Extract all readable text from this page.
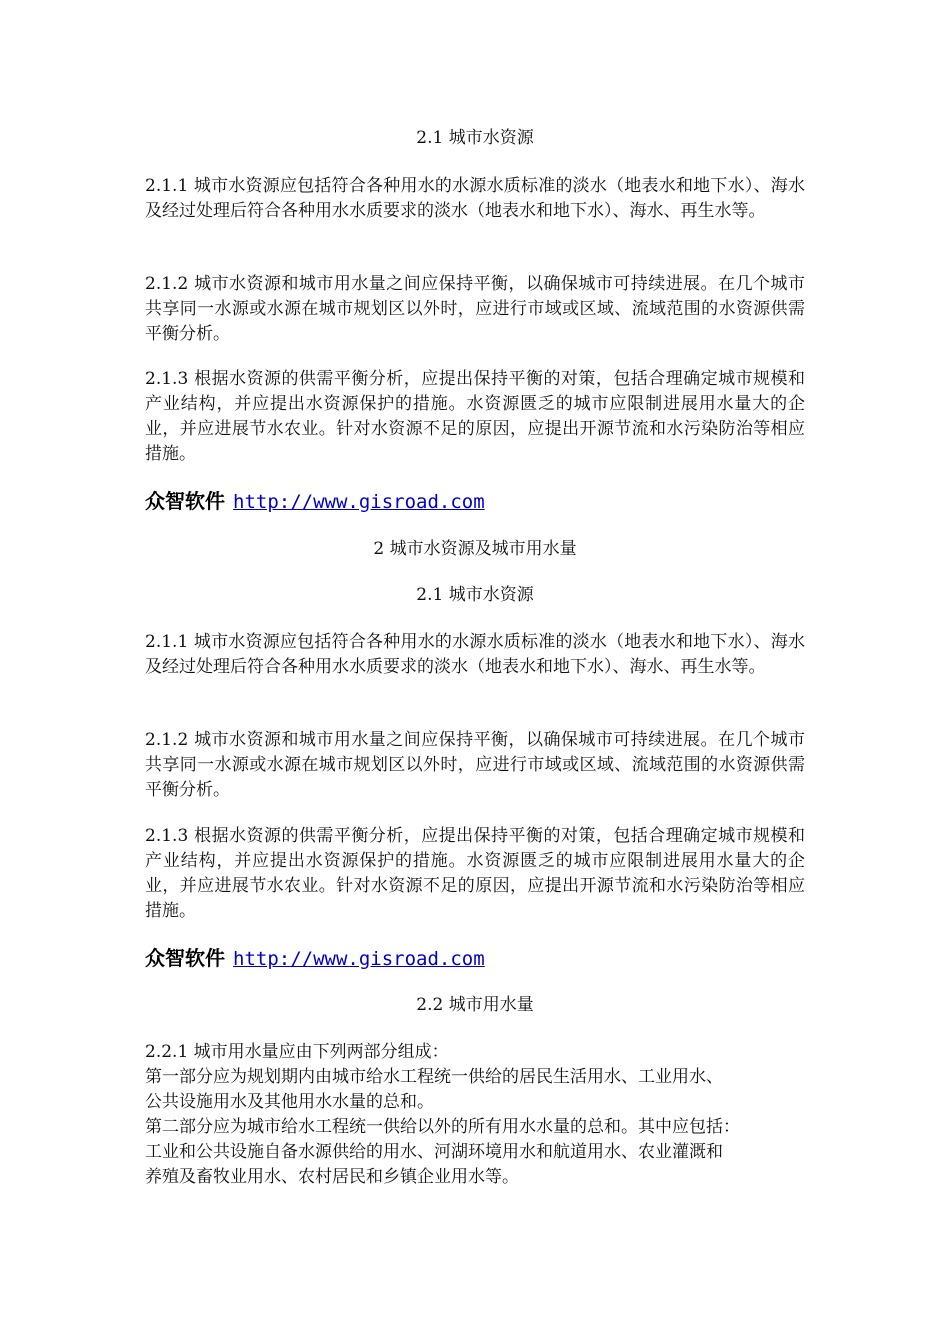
2.1 城市水资源

2.1.1 城市水资源应包括符合各种用水的水源水质标准的淡水（地表水和地下水）、海水及经过处理后符合各种用水水质要求的淡水（地表水和地下水）、海水、再生水等。

2.1.2 城市水资源和城市用水量之间应保持平衡，以确保城市可持续进展。在几个城市共享同一水源或水源在城市规划区以外时，应进行市域或区域、流域范围的水资源供需平衡分析。

2.1.3 根据水资源的供需平衡分析，应提出保持平衡的对策，包括合理确定城市规模和产业结构，并应提出水资源保护的措施。水资源匮乏的城市应限制进展用水量大的企业，并应进展节水农业。针对水资源不足的原因，应提出开源节流和水污染防治等相应措施。

众智软件 http://www.gisroad.com

2 城市水资源及城市用水量

2.1 城市水资源

2.1.1 城市水资源应包括符合各种用水的水源水质标准的淡水（地表水和地下水）、海水及经过处理后符合各种用水水质要求的淡水（地表水和地下水）、海水、再生水等。

2.1.2 城市水资源和城市用水量之间应保持平衡，以确保城市可持续进展。在几个城市共享同一水源或水源在城市规划区以外时，应进行市域或区域、流域范围的水资源供需平衡分析。

2.1.3 根据水资源的供需平衡分析，应提出保持平衡的对策，包括合理确定城市规模和产业结构，并应提出水资源保护的措施。水资源匮乏的城市应限制进展用水量大的企业，并应进展节水农业。针对水资源不足的原因，应提出开源节流和水污染防治等相应措施。

众智软件 http://www.gisroad.com

2.2 城市用水量

2.2.1 城市用水量应由下列两部分组成：
第一部分应为规划期内由城市给水工程统一供给的居民生活用水、工业用水、
公共设施用水及其他用水水量的总和。
第二部分应为城市给水工程统一供给以外的所有用水水量的总和。其中应包括：
工业和公共设施自备水源供给的用水、河湖环境用水和航道用水、农业灌溉和
养殖及畜牧业用水、农村居民和乡镇企业用水等。
